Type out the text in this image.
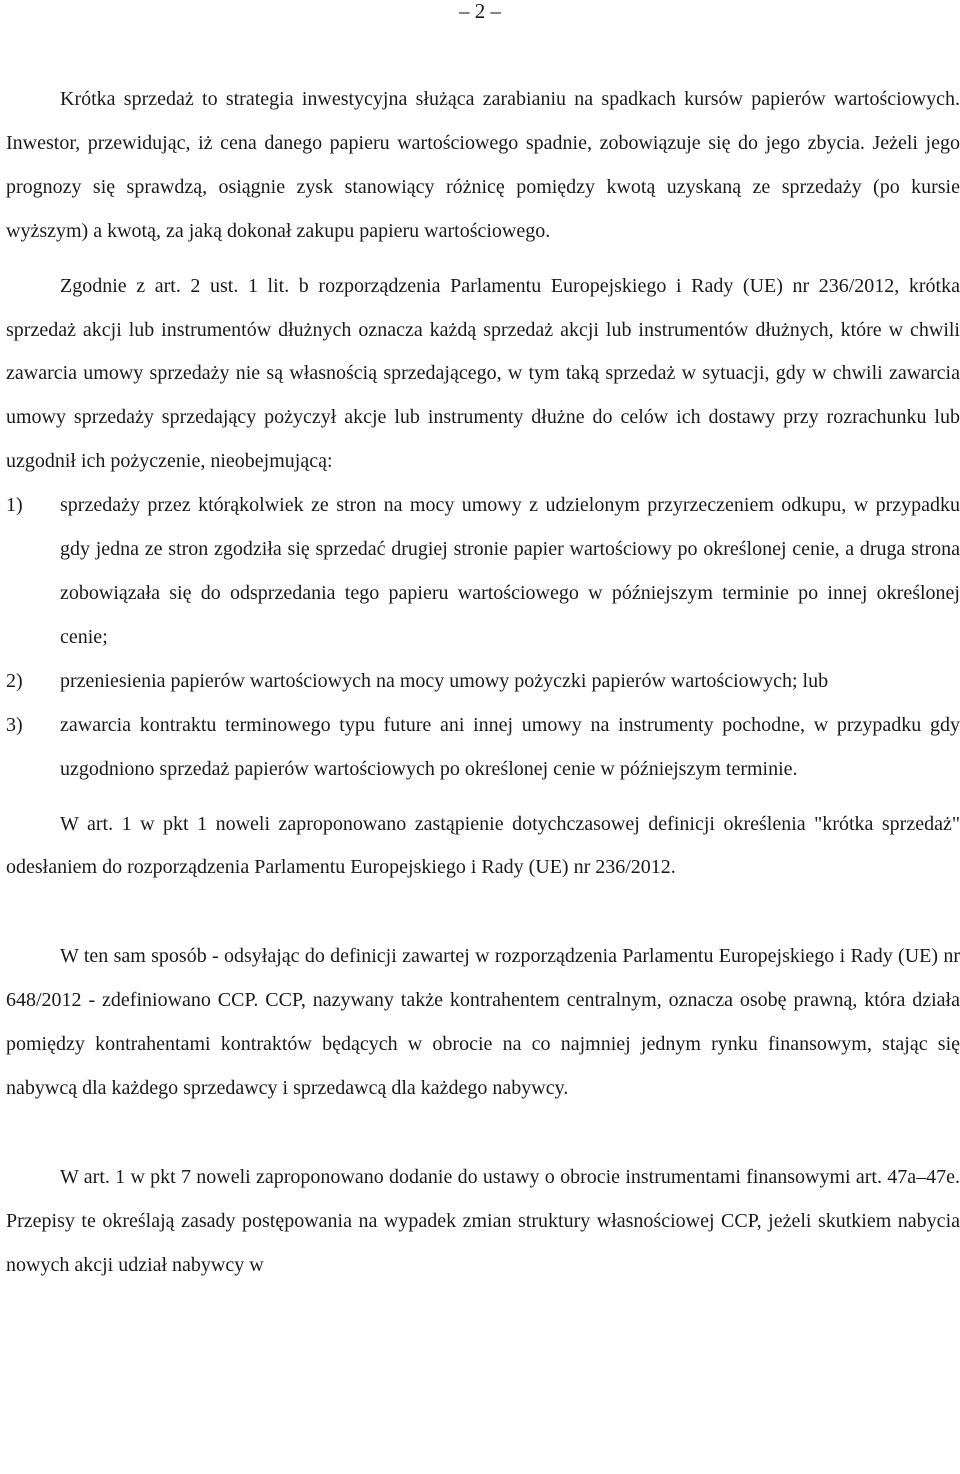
– 2 –

Krótka sprzedaż to strategia inwestycyjna służąca zarabianiu na spadkach kursów papierów wartościowych. Inwestor, przewidując, iż cena danego papieru wartościowego spadnie, zobowiązuje się do jego zbycia. Jeżeli jego prognozy się sprawdzą, osiągnie zysk stanowiący różnicę pomiędzy kwotą uzyskaną ze sprzedaży (po kursie wyższym) a kwotą, za jaką dokonał zakupu papieru wartościowego.

Zgodnie z art. 2 ust. 1 lit. b rozporządzenia Parlamentu Europejskiego i Rady (UE) nr 236/2012, krótka sprzedaż akcji lub instrumentów dłużnych oznacza każdą sprzedaż akcji lub instrumentów dłużnych, które w chwili zawarcia umowy sprzedaży nie są własnością sprzedającego, w tym taką sprzedaż w sytuacji, gdy w chwili zawarcia umowy sprzedaży sprzedający pożyczył akcje lub instrumenty dłużne do celów ich dostawy przy rozrachunku lub uzgodnił ich pożyczenie, nieobejmującą:

1) sprzedaży przez którąkolwiek ze stron na mocy umowy z udzielonym przyrzeczeniem odkupu, w przypadku gdy jedna ze stron zgodziła się sprzedać drugiej stronie papier wartościowy po określonej cenie, a druga strona zobowiązała się do odsprzedania tego papieru wartościowego w późniejszym terminie po innej określonej cenie;
2) przeniesienia papierów wartościowych na mocy umowy pożyczki papierów wartościowych; lub
3) zawarcia kontraktu terminowego typu future ani innej umowy na instrumenty pochodne, w przypadku gdy uzgodniono sprzedaż papierów wartościowych po określonej cenie w późniejszym terminie.

W art. 1 w pkt 1 noweli zaproponowano zastąpienie dotychczasowej definicji określenia "krótka sprzedaż" odesłaniem do rozporządzenia Parlamentu Europejskiego i Rady (UE) nr 236/2012.

W ten sam sposób - odsyłając do definicji zawartej w rozporządzenia Parlamentu Europejskiego i Rady (UE) nr 648/2012 - zdefiniowano CCP. CCP, nazywany także kontrahentem centralnym, oznacza osobę prawną, która działa pomiędzy kontrahentami kontraktów będących w obrocie na co najmniej jednym rynku finansowym, stając się nabywcą dla każdego sprzedawcy i sprzedawcą dla każdego nabywcy.

W art. 1 w pkt 7 noweli zaproponowano dodanie do ustawy o obrocie instrumentami finansowymi art. 47a–47e. Przepisy te określają zasady postępowania na wypadek zmian struktury własnościowej CCP, jeżeli skutkiem nabycia nowych akcji udział nabywcy w
